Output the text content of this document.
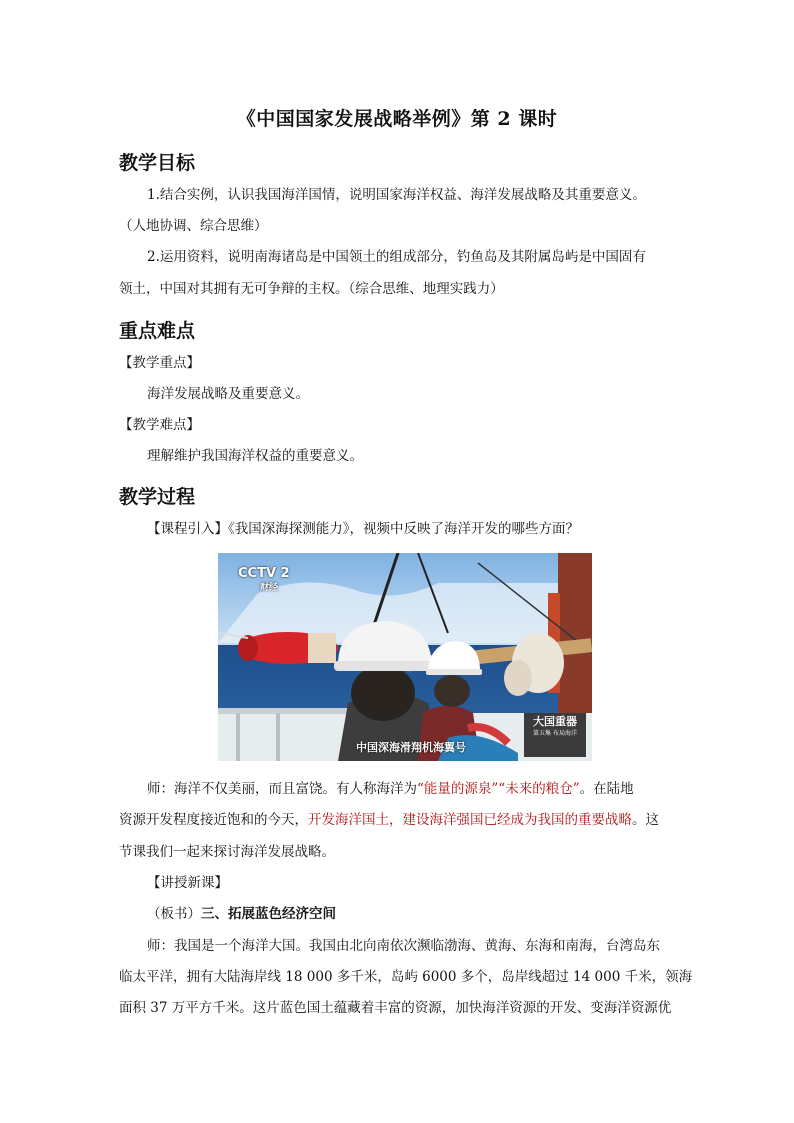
《中国国家发展战略举例》第 2 课时
教学目标
1.结合实例，认识我国海洋国情，说明国家海洋权益、海洋发展战略及其重要意义。
（人地协调、综合思维）
2.运用资料，说明南海诸岛是中国领土的组成部分，钓鱼岛及其附属岛屿是中国固有
领土，中国对其拥有无可争辩的主权。（综合思维、地理实践力）
重点难点
【教学重点】
海洋发展战略及重要意义。
【教学难点】
理解维护我国海洋权益的重要意义。
教学过程
【课程引入】《我国深海探测能力》，视频中反映了海洋开发的哪些方面？
CCTV 2
财经
中国深海滑翔机海翼号
大国重器
第五集 布局海洋
师：海洋不仅美丽，而且富饶。有人称海洋为“能量的源泉”“未来的粮仓”。在陆地
资源开发程度接近饱和的今天，开发海洋国土，建设海洋强国已经成为我国的重要战略。这
节课我们一起来探讨海洋发展战略。
【讲授新课】
（板书）三、拓展蓝色经济空间
师：我国是一个海洋大国。我国由北向南依次濒临渤海、黄海、东海和南海，台湾岛东
临太平洋，拥有大陆海岸线 18 000 多千米，岛屿 6000 多个，岛岸线超过 14 000 千米，领海
面积 37 万平方千米。这片蓝色国土蕴藏着丰富的资源，加快海洋资源的开发、变海洋资源优
